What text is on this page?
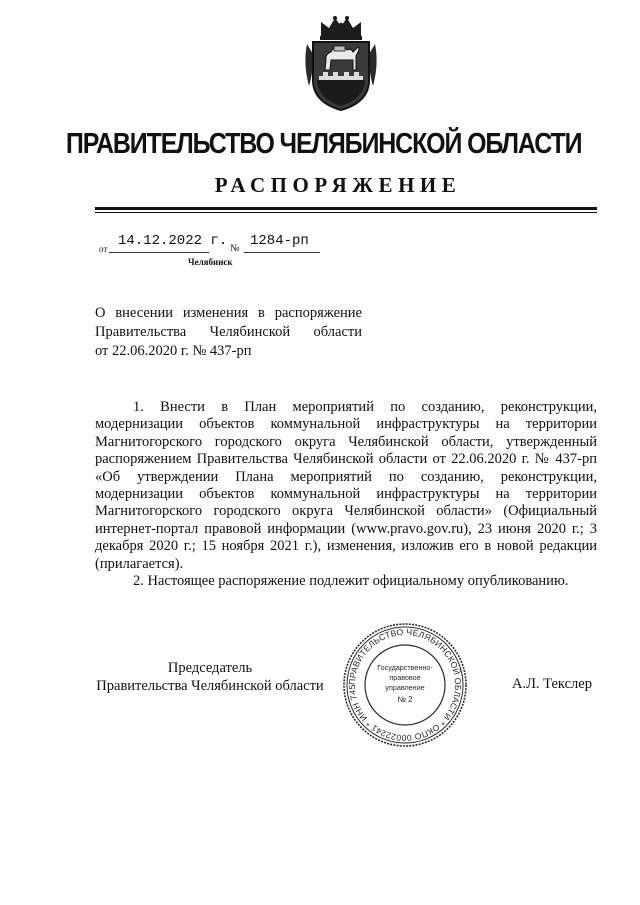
ПРАВИТЕЛЬСТВО ЧЕЛЯБИНСКОЙ ОБЛАСТИ
РАСПОРЯЖЕНИЕ
от 14.12.2022 г. № 1284-рп
Челябинск
О внесении изменения в распоряжение
Правительства Челябинской области
от 22.06.2020 г. № 437-рп

1. Внести в План мероприятий по созданию, реконструкции, модернизации объектов коммунальной инфраструктуры на территории Магнитогорского городского округа Челябинской области, утвержденный распоряжением Правительства Челябинской области от 22.06.2020 г. № 437-рп «Об утверждении Плана мероприятий по созданию, реконструкции, модернизации объектов коммунальной инфраструктуры на территории Магнитогорского городского округа Челябинской области» (Официальный интернет-портал правовой информации (www.pravo.gov.ru), 23 июня 2020 г.; 3 декабря 2020 г.; 15 ноября 2021 г.), изменения, изложив его в новой редакции (прилагается).

2. Настоящее распоряжение подлежит официальному опубликованию.

Председатель
Правительства Челябинской области	А.Л. Текслер
ПРАВИТЕЛЬСТВО ЧЕЛЯБИНСКОЙ ОБЛАСТИ * ОКПО 00022241 * ИНН 745
Государственно-
правовое
управление
№ 2
